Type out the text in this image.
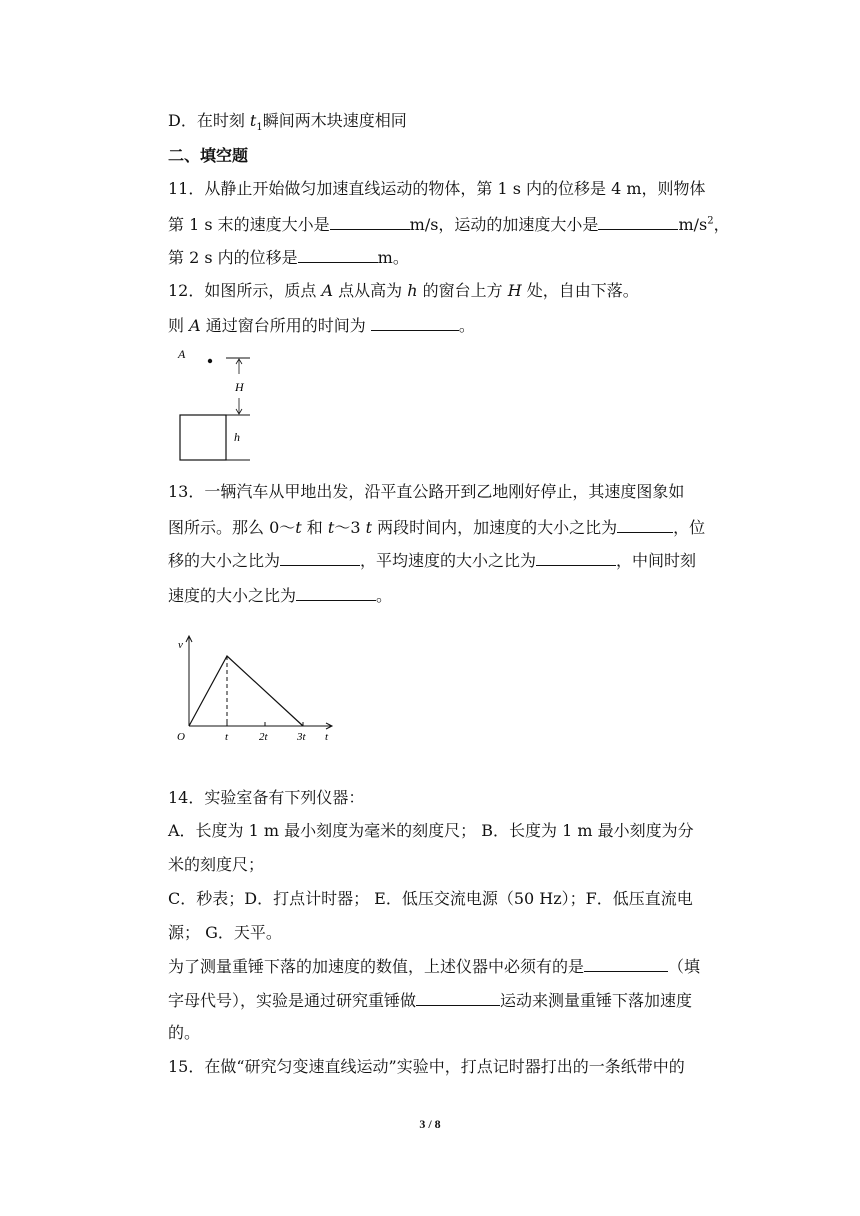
D．在时刻 $t_1$瞬间两木块速度相同
二、填空题
11．从静止开始做匀加速直线运动的物体，第 1 s 内的位移是 4 m，则物体
第 1 s 末的速度大小是	m/s，运动的加速度大小是	$m/s^2$，
第 2 s 内的位移是	m。
12．如图所示，质点 A 点从高为 h 的窗台上方 H 处，自由下落。
则 A 通过窗台所用的时间为	。
A
H
h
13．一辆汽车从甲地出发，沿平直公路开到乙地刚好停止，其速度图象如
图所示。那么 0～t 和 t～3 t 两段时间内，加速度的大小之比为	，位
移的大小之比为	，平均速度的大小之比为	，中间时刻
速度的大小之比为	。
v
t
O	t	2t	3t
14．实验室备有下列仪器：
A．长度为 1 m 最小刻度为毫米的刻度尺； B．长度为 1 m 最小刻度为分
米的刻度尺；
C．秒表；D．打点计时器； E．低压交流电源（50 Hz）；F．低压直流电
源； G．天平。
为了测量重锤下落的加速度的数值，上述仪器中必须有的是	（填
字母代号），实验是通过研究重锤做	运动来测量重锤下落加速度
的。
15．在做“研究匀变速直线运动”实验中，打点记时器打出的一条纸带中的
3 / 8
